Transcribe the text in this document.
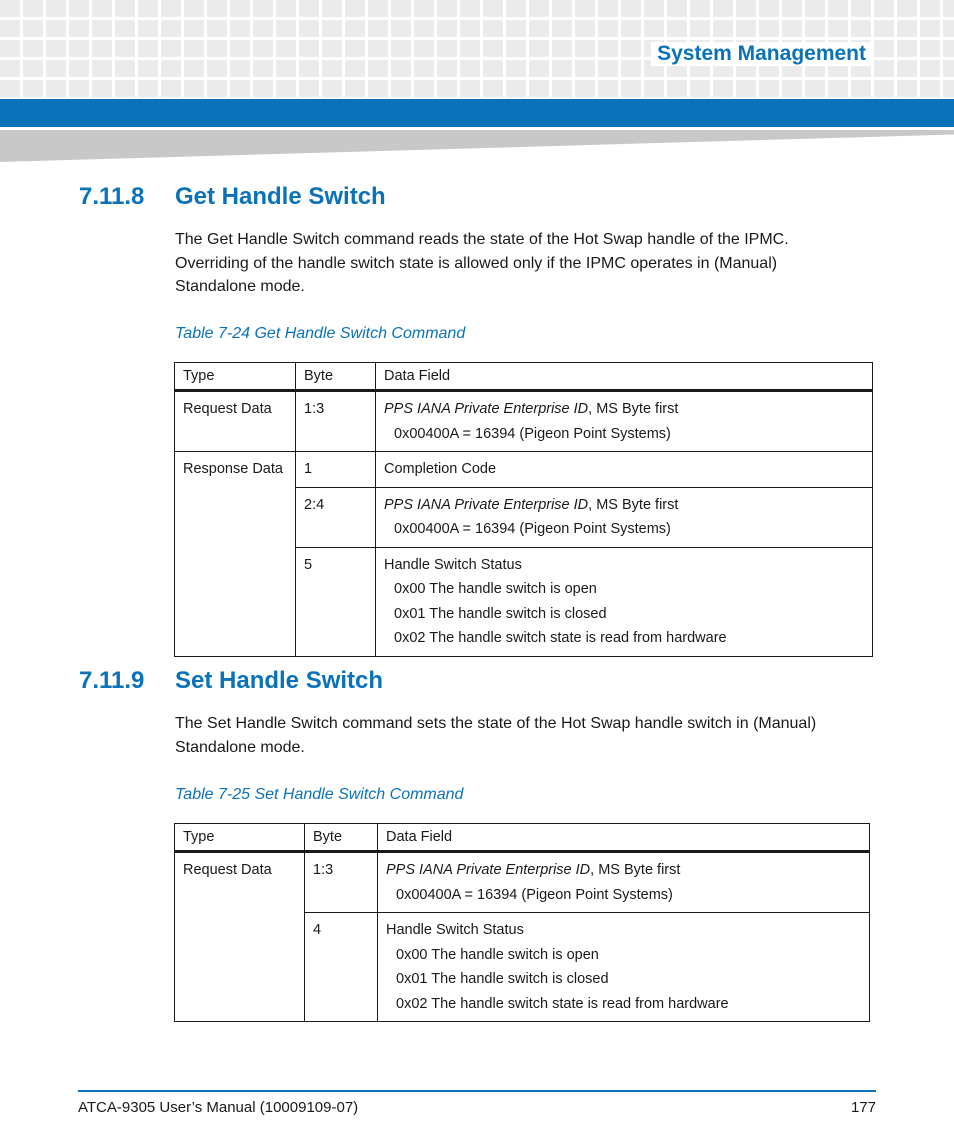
System Management
7.11.8 Get Handle Switch
The Get Handle Switch command reads the state of the Hot Swap handle of the IPMC. Overriding of the handle switch state is allowed only if the IPMC operates in (Manual) Standalone mode.
Table 7-24 Get Handle Switch Command
Type	Byte	Data Field
Request Data	1:3	PPS IANA Private Enterprise ID, MS Byte first
0x00400A = 16394 (Pigeon Point Systems)

Response Data	1	Completion Code
	2:4	PPS IANA Private Enterprise ID, MS Byte first
0x00400A = 16394 (Pigeon Point Systems)

	5	Handle Switch Status
0x00 The handle switch is open
0x01 The handle switch is closed
0x02 The handle switch state is read from hardware
7.11.9 Set Handle Switch
The Set Handle Switch command sets the state of the Hot Swap handle switch in (Manual) Standalone mode.
Table 7-25 Set Handle Switch Command
Type	Byte	Data Field
Request Data	1:3	PPS IANA Private Enterprise ID, MS Byte first
0x00400A = 16394 (Pigeon Point Systems)

	4	Handle Switch Status
0x00 The handle switch is open
0x01 The handle switch is closed
0x02 The handle switch state is read from hardware
ATCA-9305 User’s Manual (10009109-07)	177
